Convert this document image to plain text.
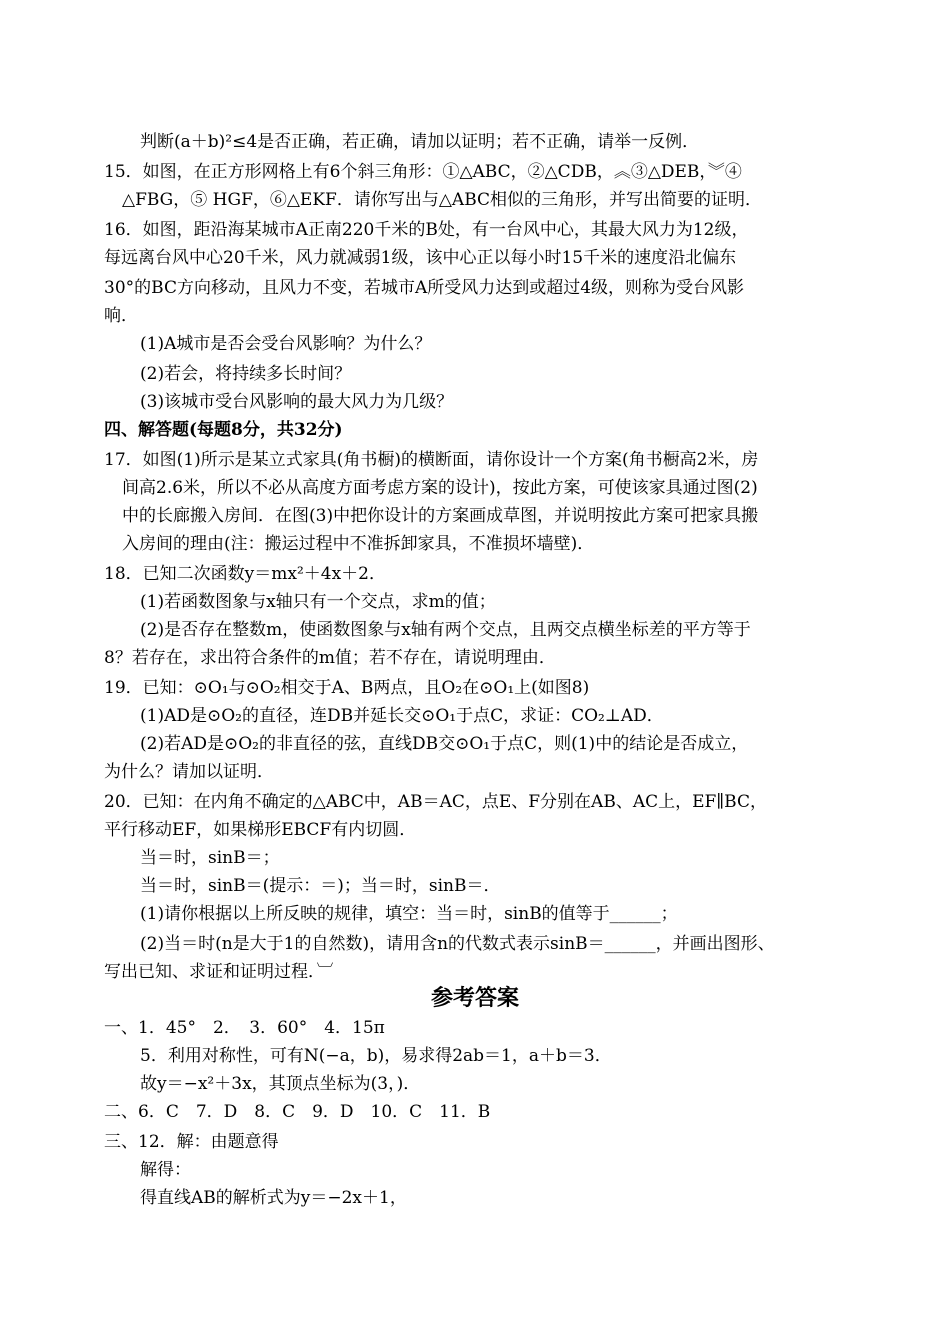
判断(a＋b)²≤4是否正确，若正确，请加以证明；若不正确，请举一反例．
15．如图，在正方形网格上有6个斜三角形：①△ABC，②△CDB，︽③△DEB，︾④
△FBG，⑤ HGF，⑥△EKF．请你写出与△ABC相似的三角形，并写出简要的证明．
16．如图，距沿海某城市A正南220千米的B处，有一台风中心，其最大风力为12级，
每远离台风中心20千米，风力就减弱1级，该中心正以每小时15千米的速度沿北偏东
30°的BC方向移动，且风力不变，若城市A所受风力达到或超过4级，则称为受台风影
响．
(1)A城市是否会受台风影响？为什么？
(2)若会，将持续多长时间？
(3)该城市受台风影响的最大风力为几级？
四、解答题(每题8分，共32分)
17．如图(1)所示是某立式家具(角书橱)的横断面，请你设计一个方案(角书橱高2米，房
间高2.6米，所以不必从高度方面考虑方案的设计)，按此方案，可使该家具通过图(2)
中的长廊搬入房间．在图(3)中把你设计的方案画成草图，并说明按此方案可把家具搬
入房间的理由(注：搬运过程中不准拆卸家具，不准损坏墙壁)．
18．已知二次函数y＝mx²＋4x＋2．
(1)若函数图象与x轴只有一个交点，求m的值；
(2)是否存在整数m，使函数图象与x轴有两个交点，且两交点横坐标差的平方等于
8？若存在，求出符合条件的m值；若不存在，请说明理由．
19．已知：⊙O₁与⊙O₂相交于A、B两点，且O₂在⊙O₁上(如图8)
(1)AD是⊙O₂的直径，连DB并延长交⊙O₁于点C，求证：CO₂⊥AD．
(2)若AD是⊙O₂的非直径的弦，直线DB交⊙O₁于点C，则(1)中的结论是否成立，
为什么？请加以证明．
20．已知：在内角不确定的△ABC中，AB＝AC，点E、F分别在AB、AC上，EF∥BC，
平行移动EF，如果梯形EBCF有内切圆．
当＝时，sinB＝；
当＝时，sinB＝(提示：＝)；当＝时，sinB＝．
(1)请你根据以上所反映的规律，填空：当＝时，sinB的值等于______；
(2)当＝时(n是大于1的自然数)，请用含n的代数式表示sinB＝______，并画出图形、
写出已知、求证和证明过程．︺
参考答案
一、1．45°　2．　3．60°　4．15π
5．利用对称性，可有N(−a，b)，易求得2ab＝1，a＋b＝3．
故y＝−x²＋3x，其顶点坐标为(3，)．
二、6．C　7．D　8．C　9．D　10．C　11．B
三、12．解：由题意得
解得：
得直线AB的解析式为y＝−2x＋1，
